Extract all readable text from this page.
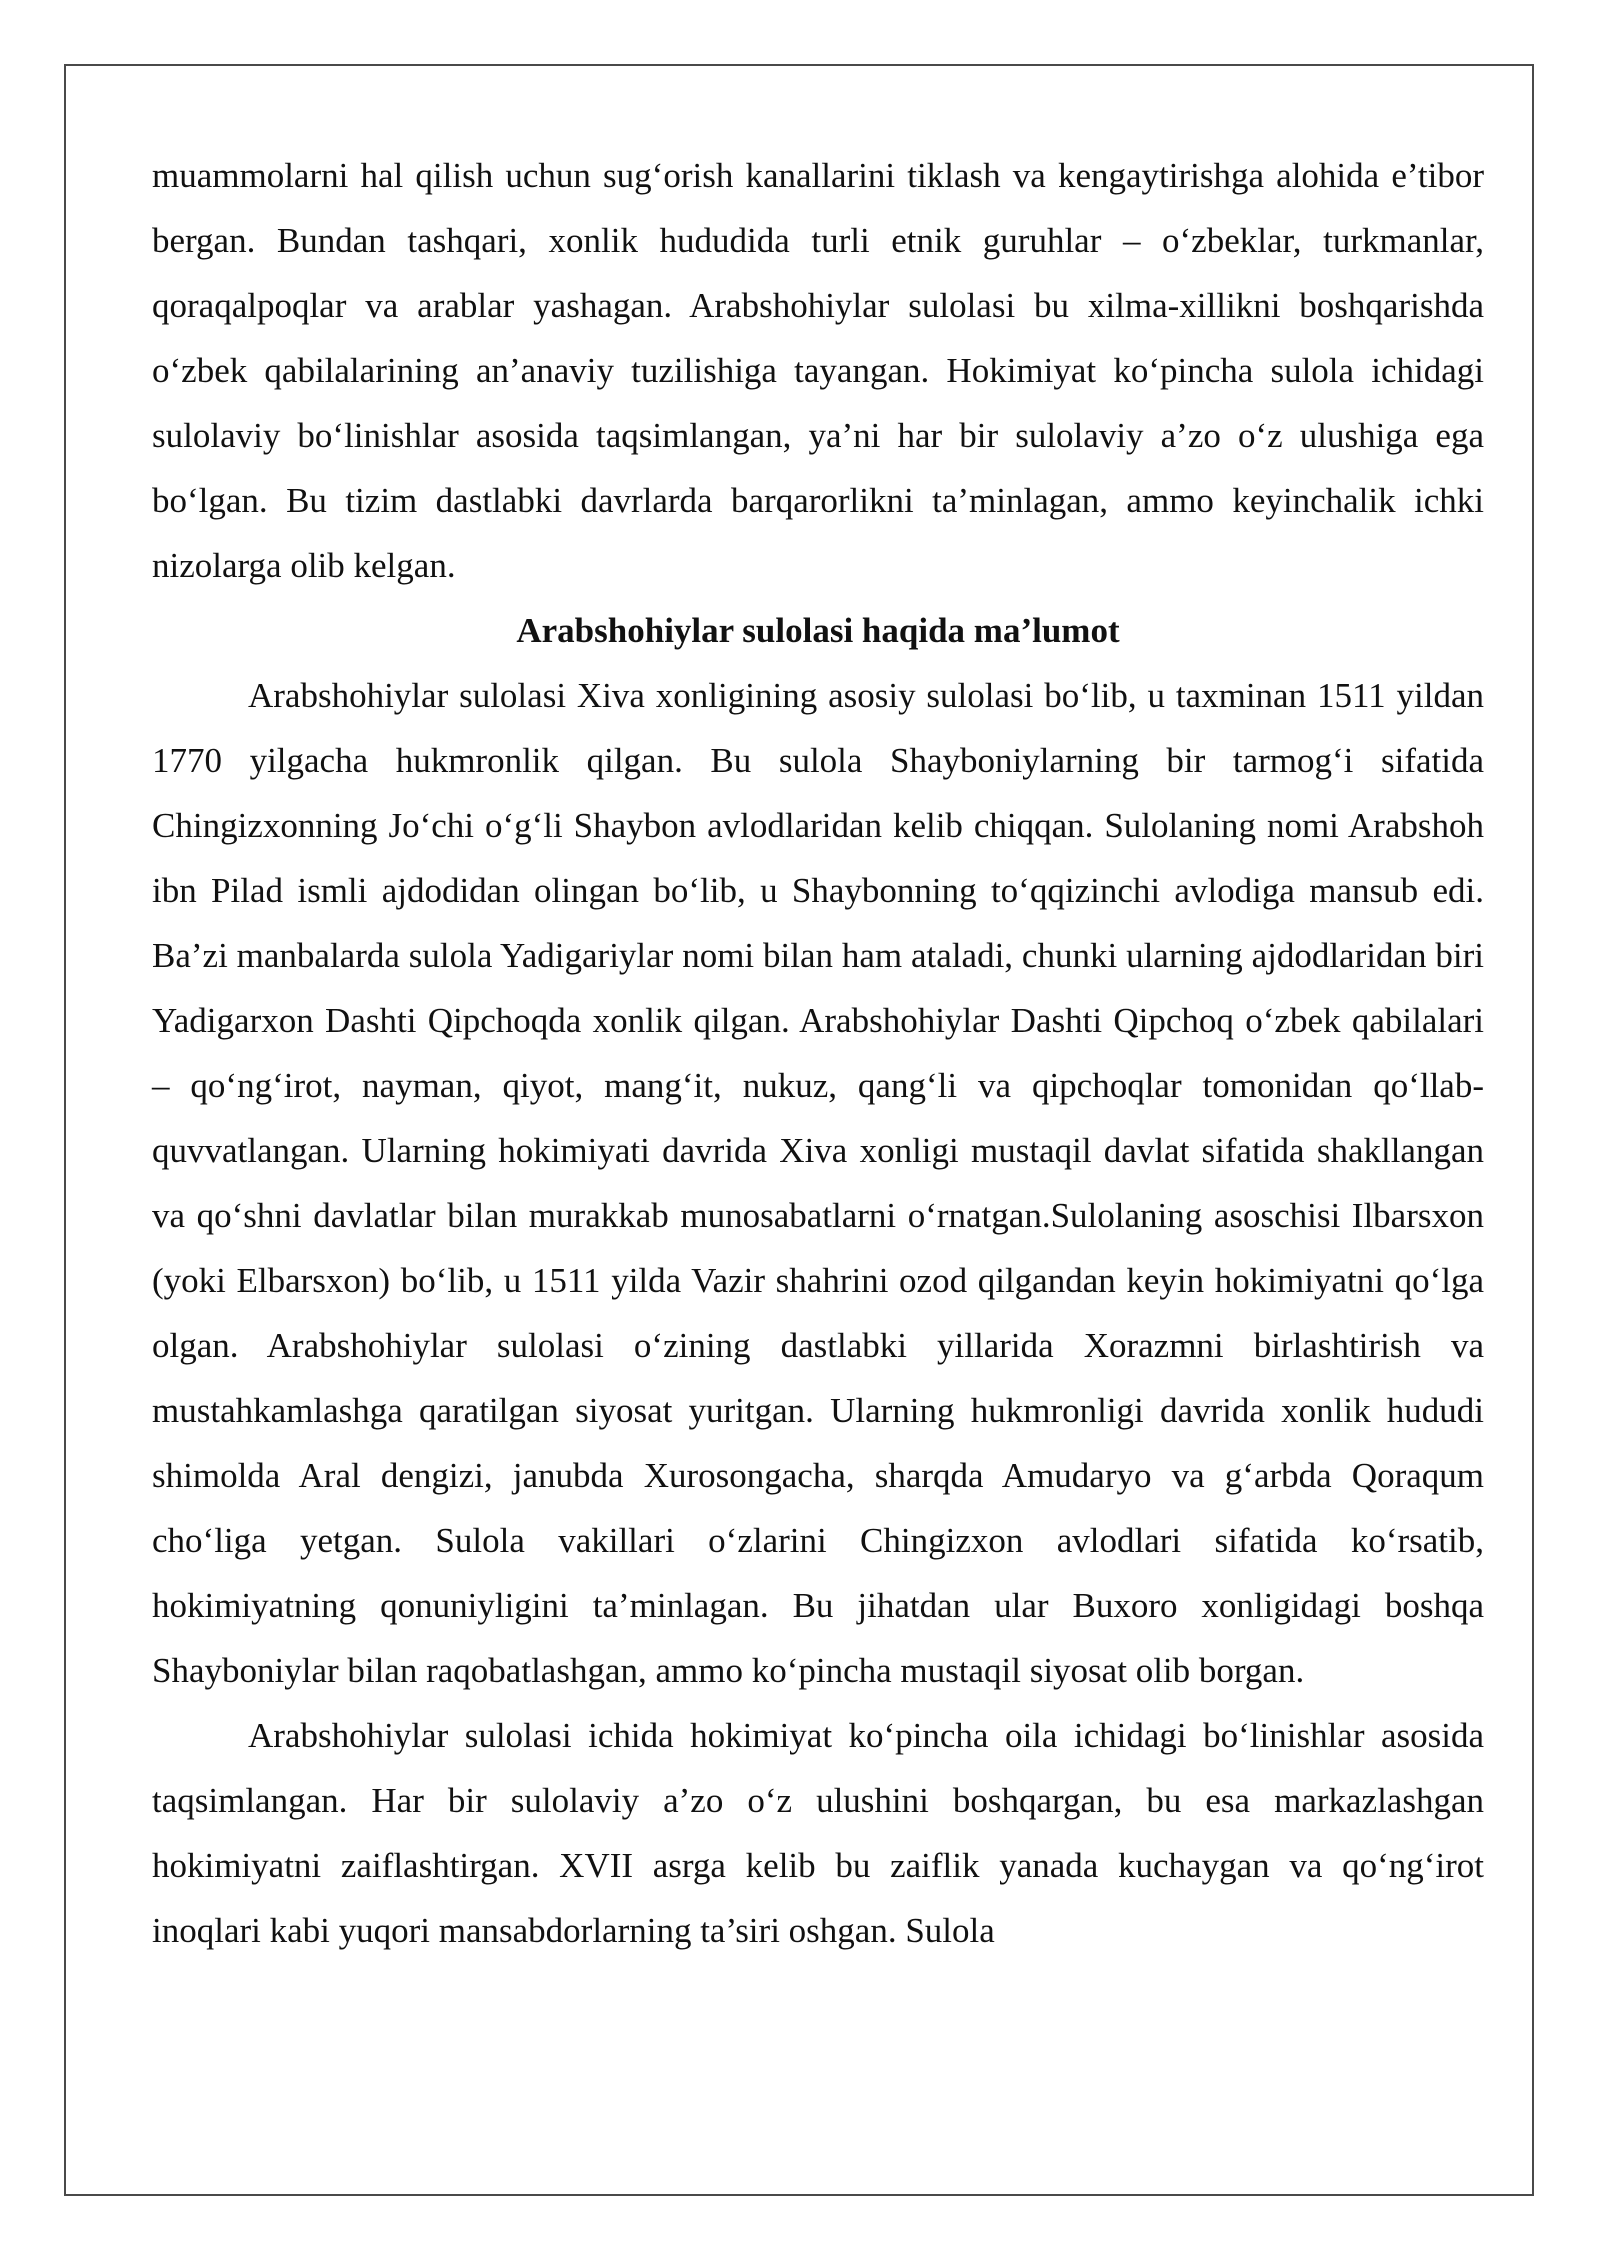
muammolarni hal qilish uchun sug‘orish kanallarini tiklash va kengaytirishga alohida e’tibor bergan. Bundan tashqari, xonlik hududida turli etnik guruhlar – o‘zbeklar, turkmanlar, qoraqalpoqlar va arablar yashagan. Arabshohiylar sulolasi bu xilma-xillikni boshqarishda o‘zbek qabilalarining an’anaviy tuzilishiga tayangan. Hokimiyat ko‘pincha sulola ichidagi sulolaviy bo‘linishlar asosida taqsimlangan, ya’ni har bir sulolaviy a’zo o‘z ulushiga ega bo‘lgan. Bu tizim dastlabki davrlarda barqarorlikni ta’minlagan, ammo keyinchalik ichki nizolarga olib kelgan.

Arabshohiylar sulolasi haqida ma’lumot

Arabshohiylar sulolasi Xiva xonligining asosiy sulolasi bo‘lib, u taxminan 1511 yildan 1770 yilgacha hukmronlik qilgan. Bu sulola Shayboniylarning bir tarmog‘i sifatida Chingizxonning Jo‘chi o‘g‘li Shaybon avlodlaridan kelib chiqqan. Sulolaning nomi Arabshoh ibn Pilad ismli ajdodidan olingan bo‘lib, u Shaybonning to‘qqizinchi avlodiga mansub edi. Ba’zi manbalarda sulola Yadigariylar nomi bilan ham ataladi, chunki ularning ajdodlaridan biri Yadigarxon Dashti Qipchoqda xonlik qilgan. Arabshohiylar Dashti Qipchoq o‘zbek qabilalari – qo‘ng‘irot, nayman, qiyot, mang‘it, nukuz, qang‘li va qipchoqlar tomonidan qo‘llab-quvvatlangan. Ularning hokimiyati davrida Xiva xonligi mustaqil davlat sifatida shakllangan va qo‘shni davlatlar bilan murakkab munosabatlarni o‘rnatgan.Sulolaning asoschisi Ilbarsxon (yoki Elbarsxon) bo‘lib, u 1511 yilda Vazir shahrini ozod qilgandan keyin hokimiyatni qo‘lga olgan. Arabshohiylar sulolasi o‘zining dastlabki yillarida Xorazmni birlashtirish va mustahkamlashga qaratilgan siyosat yuritgan. Ularning hukmronligi davrida xonlik hududi shimolda Aral dengizi, janubda Xurosongacha, sharqda Amudaryo va g‘arbda Qoraqum cho‘liga yetgan. Sulola vakillari o‘zlarini Chingizxon avlodlari sifatida ko‘rsatib, hokimiyatning qonuniyligini ta’minlagan. Bu jihatdan ular Buxoro xonligidagi boshqa Shayboniylar bilan raqobatlashgan, ammo ko‘pincha mustaqil siyosat olib borgan.

Arabshohiylar sulolasi ichida hokimiyat ko‘pincha oila ichidagi bo‘linishlar asosida taqsimlangan. Har bir sulolaviy a’zo o‘z ulushini boshqargan, bu esa markazlashgan hokimiyatni zaiflashtirgan. XVII asrga kelib bu zaiflik yanada kuchaygan va qo‘ng‘irot inoqlari kabi yuqori mansabdorlarning ta’siri oshgan. Sulola
